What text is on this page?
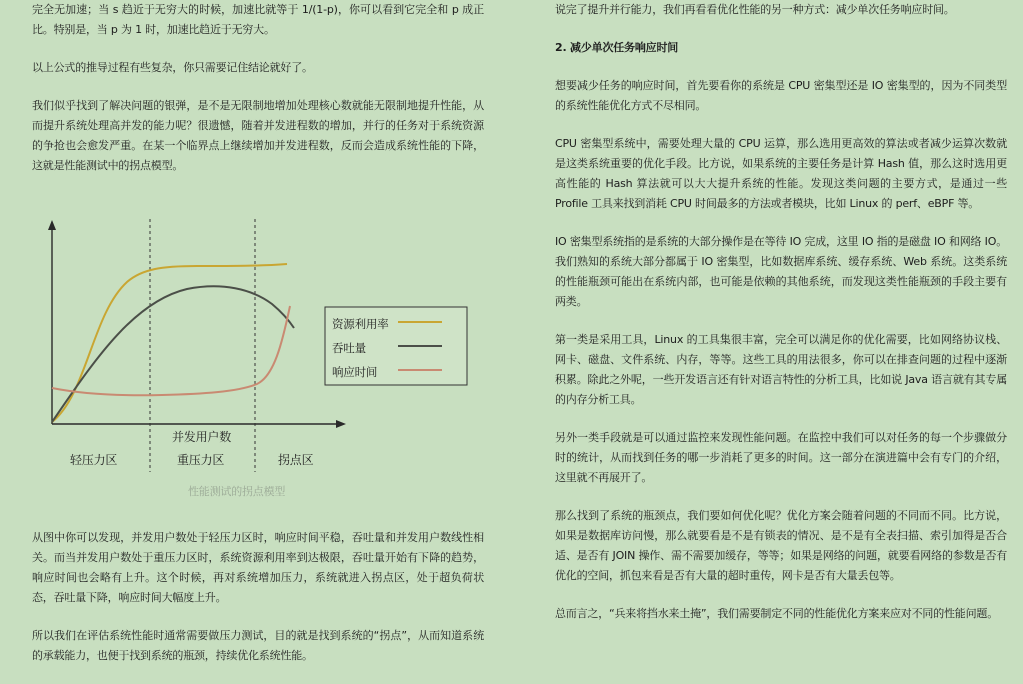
完全无加速；当 s 趋近于无穷大的时候，加速比就等于 1/(1-p)，你可以看到它完全和 p 成正比。特别是，当 p 为 1 时，加速比趋近于无穷大。

以上公式的推导过程有些复杂，你只需要记住结论就好了。

我们似乎找到了解决问题的银弹，是不是无限制地增加处理核心数就能无限制地提升性能，从而提升系统处理高并发的能力呢？很遗憾，随着并发进程数的增加，并行的任务对于系统资源的争抢也会愈发严重。在某一个临界点上继续增加并发进程数，反而会造成系统性能的下降，这就是性能测试中的拐点模型。

资源利用率
吞吐量
响应时间
并发用户数
轻压力区	重压力区	拐点区
性能测试的拐点模型

从图中你可以发现，并发用户数处于轻压力区时，响应时间平稳，吞吐量和并发用户数线性相关。而当并发用户数处于重压力区时，系统资源利用率到达极限，吞吐量开始有下降的趋势，响应时间也会略有上升。这个时候，再对系统增加压力，系统就进入拐点区，处于超负荷状态，吞吐量下降，响应时间大幅度上升。

所以我们在评估系统性能时通常需要做压力测试，目的就是找到系统的“拐点”，从而知道系统的承载能力，也便于找到系统的瓶颈，持续优化系统性能。

说完了提升并行能力，我们再看看优化性能的另一种方式：减少单次任务响应时间。

2. 减少单次任务响应时间

想要减少任务的响应时间，首先要看你的系统是 CPU 密集型还是 IO 密集型的，因为不同类型的系统性能优化方式不尽相同。

CPU 密集型系统中，需要处理大量的 CPU 运算，那么选用更高效的算法或者减少运算次数就是这类系统重要的优化手段。比方说，如果系统的主要任务是计算 Hash 值，那么这时选用更高性能的 Hash 算法就可以大大提升系统的性能。发现这类问题的主要方式，是通过一些 Profile 工具来找到消耗 CPU 时间最多的方法或者模块，比如 Linux 的 perf、eBPF 等。

IO 密集型系统指的是系统的大部分操作是在等待 IO 完成，这里 IO 指的是磁盘 IO 和网络 IO。我们熟知的系统大部分都属于 IO 密集型，比如数据库系统、缓存系统、Web 系统。这类系统的性能瓶颈可能出在系统内部，也可能是依赖的其他系统，而发现这类性能瓶颈的手段主要有两类。

第一类是采用工具，Linux 的工具集很丰富，完全可以满足你的优化需要，比如网络协议栈、网卡、磁盘、文件系统、内存，等等。这些工具的用法很多，你可以在排查问题的过程中逐渐积累。除此之外呢，一些开发语言还有针对语言特性的分析工具，比如说 Java 语言就有其专属的内存分析工具。

另外一类手段就是可以通过监控来发现性能问题。在监控中我们可以对任务的每一个步骤做分时的统计，从而找到任务的哪一步消耗了更多的时间。这一部分在演进篇中会有专门的介绍，这里就不再展开了。

那么找到了系统的瓶颈点，我们要如何优化呢？优化方案会随着问题的不同而不同。比方说，如果是数据库访问慢，那么就要看是不是有锁表的情况、是不是有全表扫描、索引加得是否合适、是否有 JOIN 操作、需不需要加缓存，等等；如果是网络的问题，就要看网络的参数是否有优化的空间，抓包来看是否有大量的超时重传，网卡是否有大量丢包等。

总而言之，“兵来将挡水来土掩”，我们需要制定不同的性能优化方案来应对不同的性能问题。
